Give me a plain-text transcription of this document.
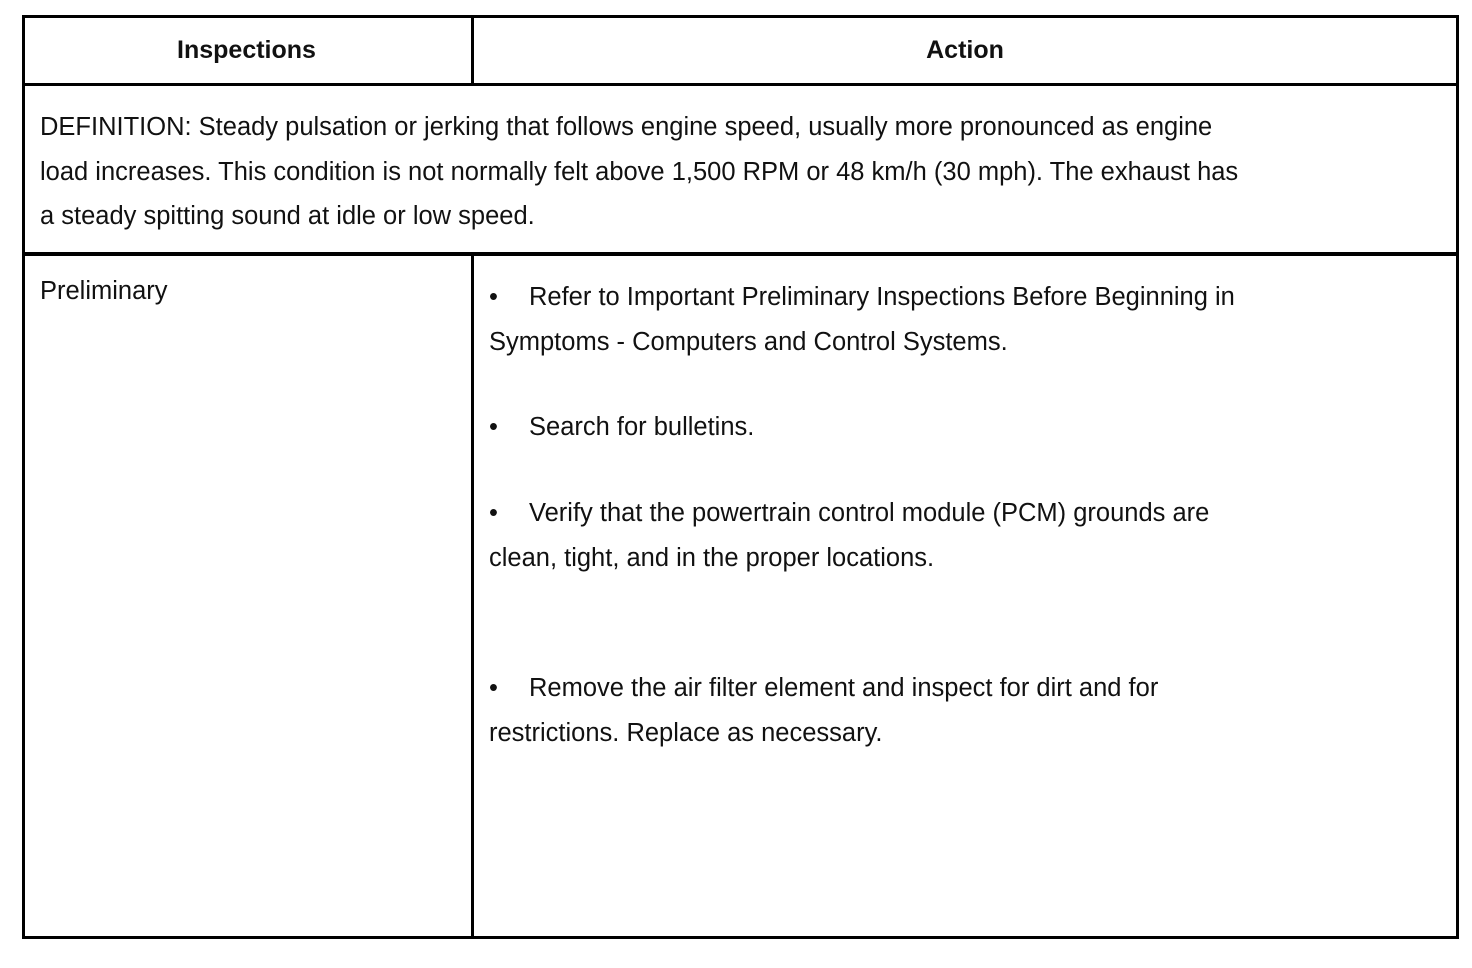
Inspections	Action
DEFINITION: Steady pulsation or jerking that follows engine speed, usually more pronounced as engine
load increases. This condition is not normally felt above 1,500 RPM or 48 km/h (30 mph). The exhaust has
a steady spitting sound at idle or low speed.
Preliminary	• Refer to Important Preliminary Inspections Before Beginning in
Symptoms - Computers and Control Systems.
• Search for bulletins.
• Verify that the powertrain control module (PCM) grounds are
clean, tight, and in the proper locations.
• Remove the air filter element and inspect for dirt and for
restrictions. Replace as necessary.
